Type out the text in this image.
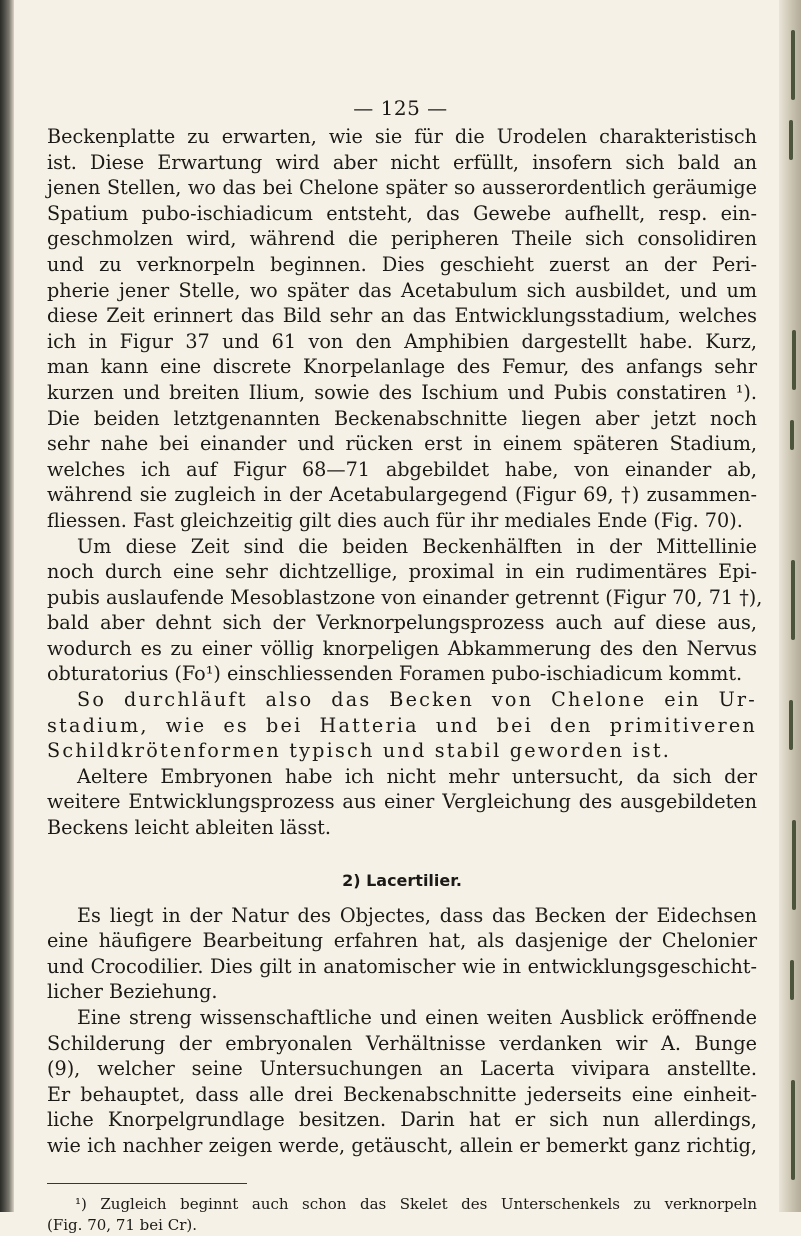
— 125 —
Beckenplatte zu erwarten, wie sie für die Urodelen charakteristisch
ist. Diese Erwartung wird aber nicht erfüllt, insofern sich bald an
jenen Stellen, wo das bei Chelone später so ausserordentlich geräumige
Spatium pubo-ischiadicum entsteht, das Gewebe aufhellt, resp. ein-
geschmolzen wird, während die peripheren Theile sich consolidiren
und zu verknorpeln beginnen. Dies geschieht zuerst an der Peri-
pherie jener Stelle, wo später das Acetabulum sich ausbildet, und um
diese Zeit erinnert das Bild sehr an das Entwicklungsstadium, welches
ich in Figur 37 und 61 von den Amphibien dargestellt habe. Kurz,
man kann eine discrete Knorpelanlage des Femur, des anfangs sehr
kurzen und breiten Ilium, sowie des Ischium und Pubis constatiren ¹).
Die beiden letztgenannten Beckenabschnitte liegen aber jetzt noch
sehr nahe bei einander und rücken erst in einem späteren Stadium,
welches ich auf Figur 68—71 abgebildet habe, von einander ab,
während sie zugleich in der Acetabulargegend (Figur 69, †) zusammen-
fliessen. Fast gleichzeitig gilt dies auch für ihr mediales Ende (Fig. 70).
Um diese Zeit sind die beiden Beckenhälften in der Mittellinie
noch durch eine sehr dichtzellige, proximal in ein rudimentäres Epi-
pubis auslaufende Mesoblastzone von einander getrennt (Figur 70, 71 †),
bald aber dehnt sich der Verknorpelungsprozess auch auf diese aus,
wodurch es zu einer völlig knorpeligen Abkammerung des den Nervus
obturatorius (Fo¹) einschliessenden Foramen pubo-ischiadicum kommt.
So durchläuft also das Becken von Chelone ein Ur-
stadium, wie es bei Hatteria und bei den primitiveren
Schildkrötenformen typisch und stabil geworden ist.
Aeltere Embryonen habe ich nicht mehr untersucht, da sich der
weitere Entwicklungsprozess aus einer Vergleichung des ausgebildeten
Beckens leicht ableiten lässt.
2) Lacertilier.
Es liegt in der Natur des Objectes, dass das Becken der Eidechsen
eine häufigere Bearbeitung erfahren hat, als dasjenige der Chelonier
und Crocodilier. Dies gilt in anatomischer wie in entwicklungsgeschicht-
licher Beziehung.
Eine streng wissenschaftliche und einen weiten Ausblick eröffnende
Schilderung der embryonalen Verhältnisse verdanken wir A. Bunge
(9), welcher seine Untersuchungen an Lacerta vivipara anstellte.
Er behauptet, dass alle drei Beckenabschnitte jederseits eine einheit-
liche Knorpelgrundlage besitzen. Darin hat er sich nun allerdings,
wie ich nachher zeigen werde, getäuscht, allein er bemerkt ganz richtig,
¹) Zugleich beginnt auch schon das Skelet des Unterschenkels zu verknorpeln
(Fig. 70, 71 bei Cr).
